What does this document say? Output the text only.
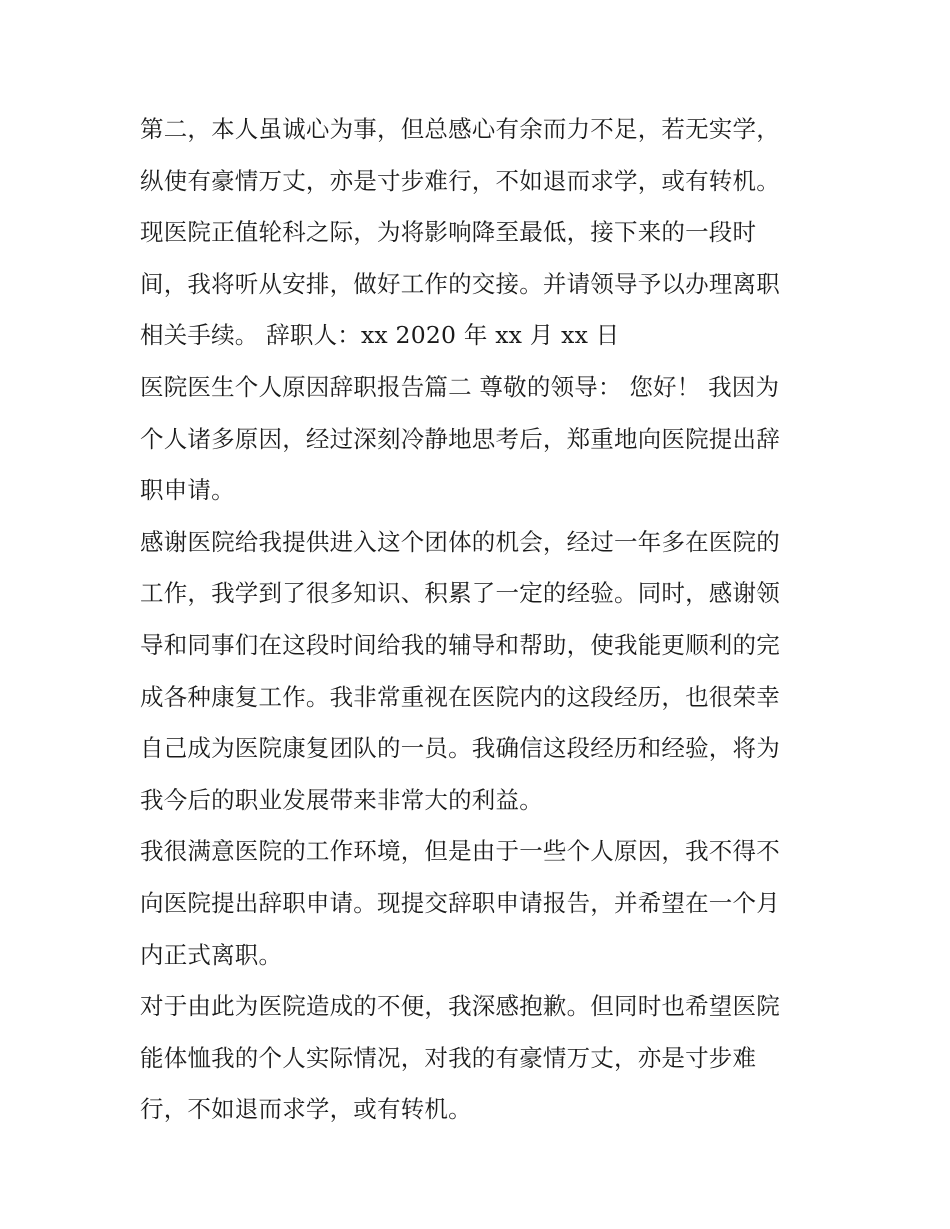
第二，本人虽诚心为事，但总感心有余而力不足，若无实学，
纵使有豪情万丈，亦是寸步难行，不如退而求学，或有转机。
现医院正值轮科之际，为将影响降至最低，接下来的一段时
间，我将听从安排，做好工作的交接。并请领导予以办理离职
相关手续。 辞职人：xx 2020 年 xx 月 xx 日
医院医生个人原因辞职报告篇二 尊敬的领导： 您好！ 我因为
个人诸多原因，经过深刻冷静地思考后，郑重地向医院提出辞
职申请。
感谢医院给我提供进入这个团体的机会，经过一年多在医院的
工作，我学到了很多知识、积累了一定的经验。同时，感谢领
导和同事们在这段时间给我的辅导和帮助，使我能更顺利的完
成各种康复工作。我非常重视在医院内的这段经历，也很荣幸
自己成为医院康复团队的一员。我确信这段经历和经验，将为
我今后的职业发展带来非常大的利益。
我很满意医院的工作环境，但是由于一些个人原因，我不得不
向医院提出辞职申请。现提交辞职申请报告，并希望在一个月
内正式离职。
对于由此为医院造成的不便，我深感抱歉。但同时也希望医院
能体恤我的个人实际情况，对我的有豪情万丈，亦是寸步难
行，不如退而求学，或有转机。
